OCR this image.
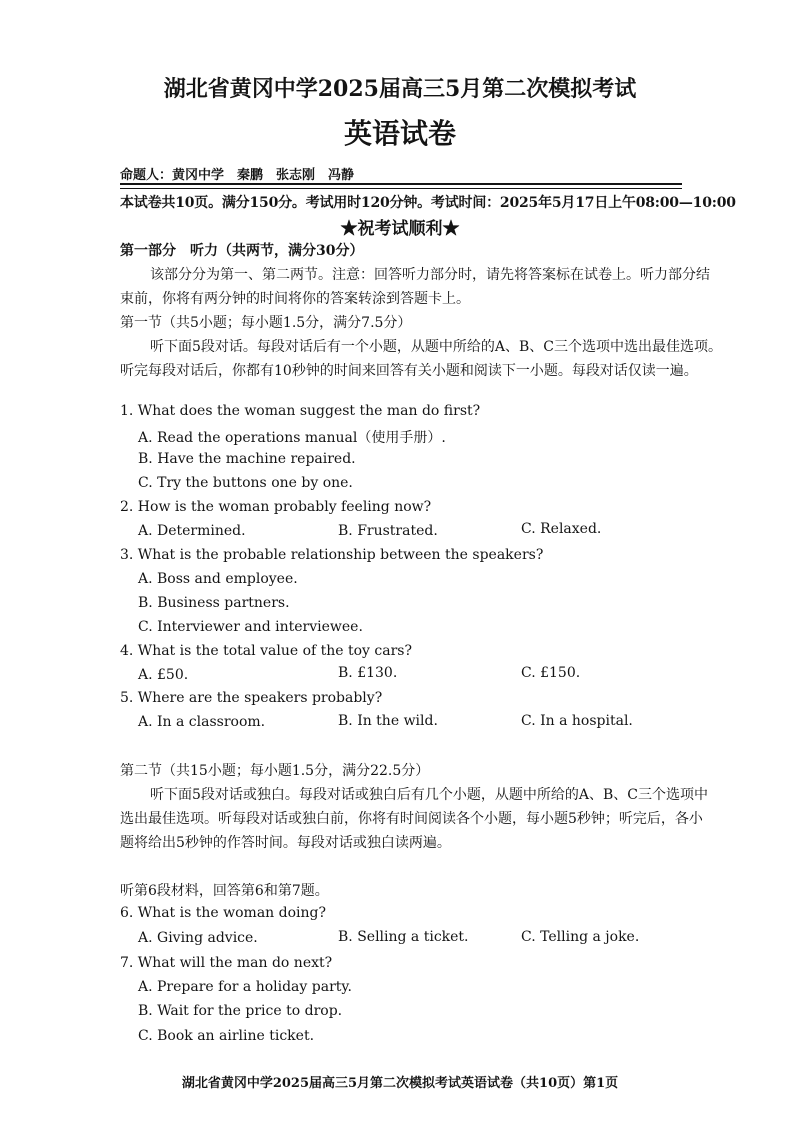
湖北省黄冈中学2025届高三5月第二次模拟考试
英语试卷
命题人：黄冈中学　秦鹏　张志刚　冯静
本试卷共10页。满分150分。考试用时120分钟。考试时间：2025年5月17日上午08:00—10:00
★祝考试顺利★
第一部分　听力（共两节，满分30分）
该部分分为第一、第二两节。注意：回答听力部分时，请先将答案标在试卷上。听力部分结
束前，你将有两分钟的时间将你的答案转涂到答题卡上。
第一节（共5小题；每小题1.5分，满分7.5分）
听下面5段对话。每段对话后有一个小题，从题中所给的A、B、C三个选项中选出最佳选项。
听完每段对话后，你都有10秒钟的时间来回答有关小题和阅读下一小题。每段对话仅读一遍。
1. What does the woman suggest the man do first?
A. Read the operations manual（使用手册）.
B. Have the machine repaired.
C. Try the buttons one by one.
2. How is the woman probably feeling now?
A. Determined.	B. Frustrated.	C. Relaxed.
3. What is the probable relationship between the speakers?
A. Boss and employee.
B. Business partners.
C. Interviewer and interviewee.
4. What is the total value of the toy cars?
A. £50.	B. £130.	C. £150.
5. Where are the speakers probably?
A. In a classroom.	B. In the wild.	C. In a hospital.
第二节（共15小题；每小题1.5分，满分22.5分）
听下面5段对话或独白。每段对话或独白后有几个小题，从题中所给的A、B、C三个选项中
选出最佳选项。听每段对话或独白前，你将有时间阅读各个小题，每小题5秒钟；听完后，各小
题将给出5秒钟的作答时间。每段对话或独白读两遍。
听第6段材料，回答第6和第7题。
6. What is the woman doing?
A. Giving advice.	B. Selling a ticket.	C. Telling a joke.
7. What will the man do next?
A. Prepare for a holiday party.
B. Wait for the price to drop.
C. Book an airline ticket.
湖北省黄冈中学2025届高三5月第二次模拟考试英语试卷（共10页）第1页
